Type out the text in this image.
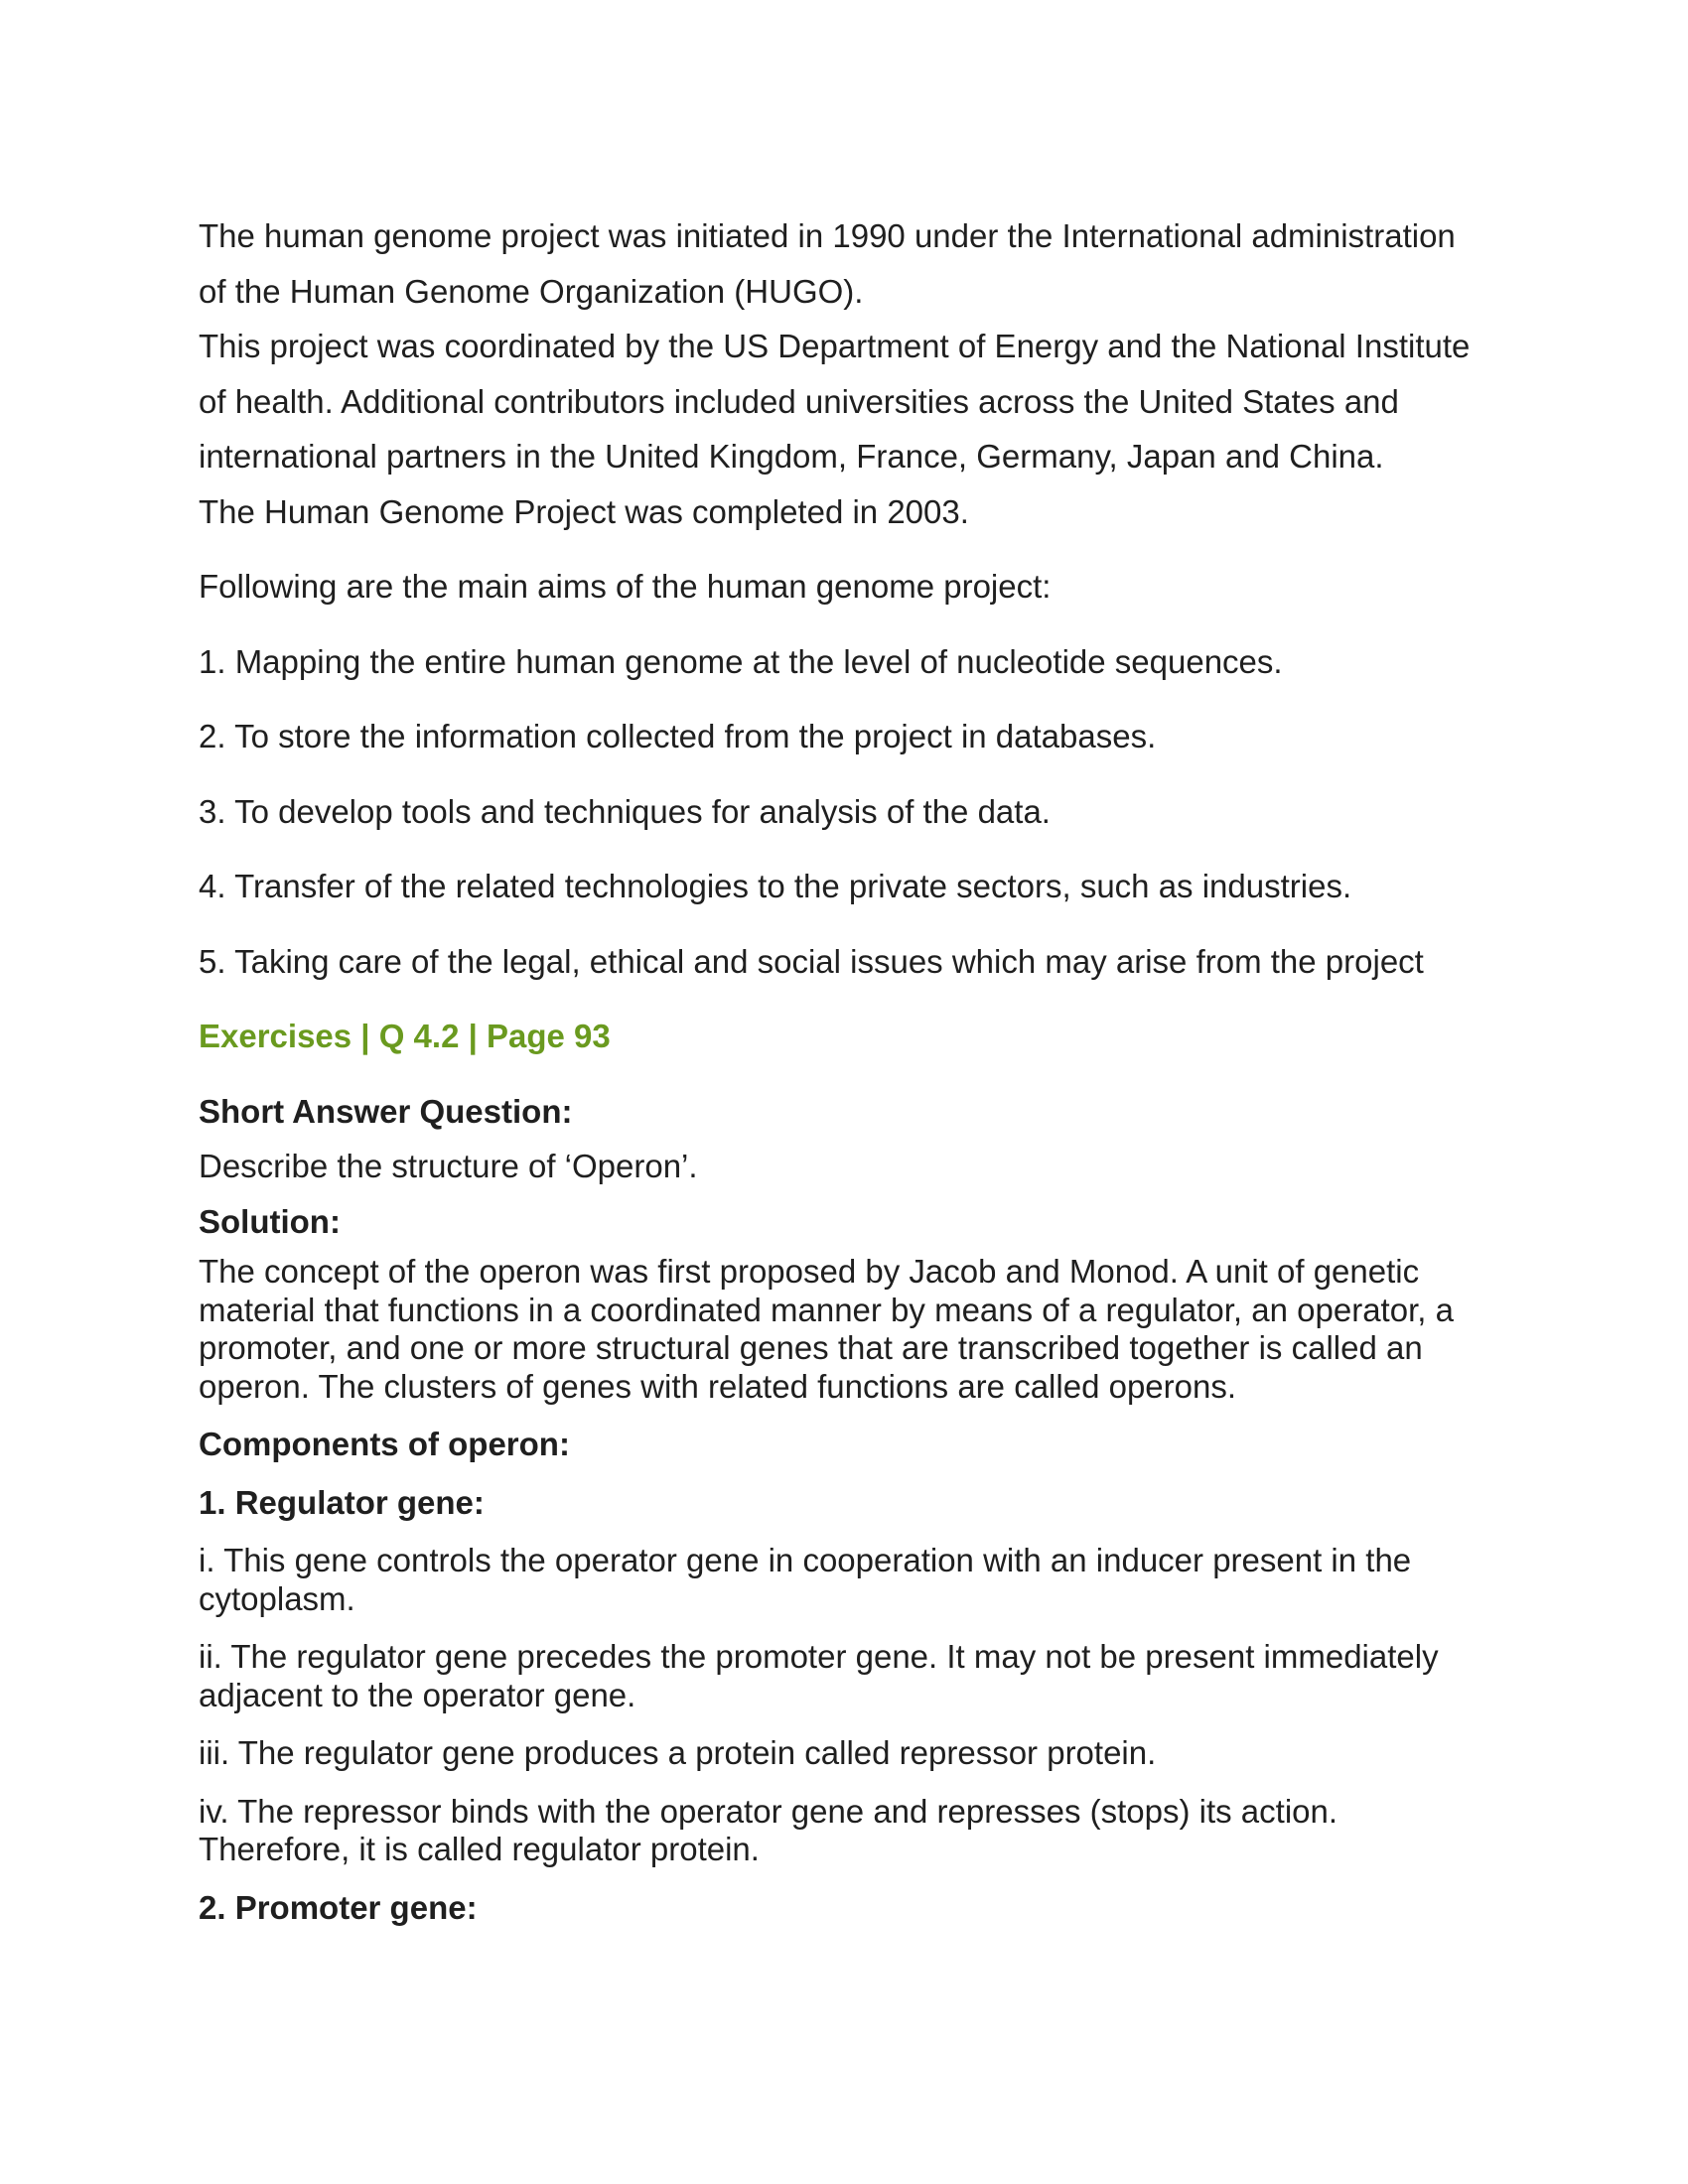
The human genome project was initiated in 1990 under the International administration
of the Human Genome Organization (HUGO).

This project was coordinated by the US Department of Energy and the National Institute
of health. Additional contributors included universities across the United States and
international partners in the United Kingdom, France, Germany, Japan and China.

The Human Genome Project was completed in 2003.

Following are the main aims of the human genome project:

1. Mapping the entire human genome at the level of nucleotide sequences.

2. To store the information collected from the project in databases.

3. To develop tools and techniques for analysis of the data.

4. Transfer of the related technologies to the private sectors, such as industries.

5. Taking care of the legal, ethical and social issues which may arise from the project

Exercises | Q 4.2 | Page 93

Short Answer Question:

Describe the structure of ‘Operon’.

Solution:

The concept of the operon was first proposed by Jacob and Monod. A unit of genetic
material that functions in a coordinated manner by means of a regulator, an operator, a
promoter, and one or more structural genes that are transcribed together is called an
operon. The clusters of genes with related functions are called operons.

Components of operon:

1. Regulator gene:

i. This gene controls the operator gene in cooperation with an inducer present in the
cytoplasm.

ii. The regulator gene precedes the promoter gene. It may not be present immediately
adjacent to the operator gene.

iii. The regulator gene produces a protein called repressor protein.

iv. The repressor binds with the operator gene and represses (stops) its action.
Therefore, it is called regulator protein.

2. Promoter gene:
